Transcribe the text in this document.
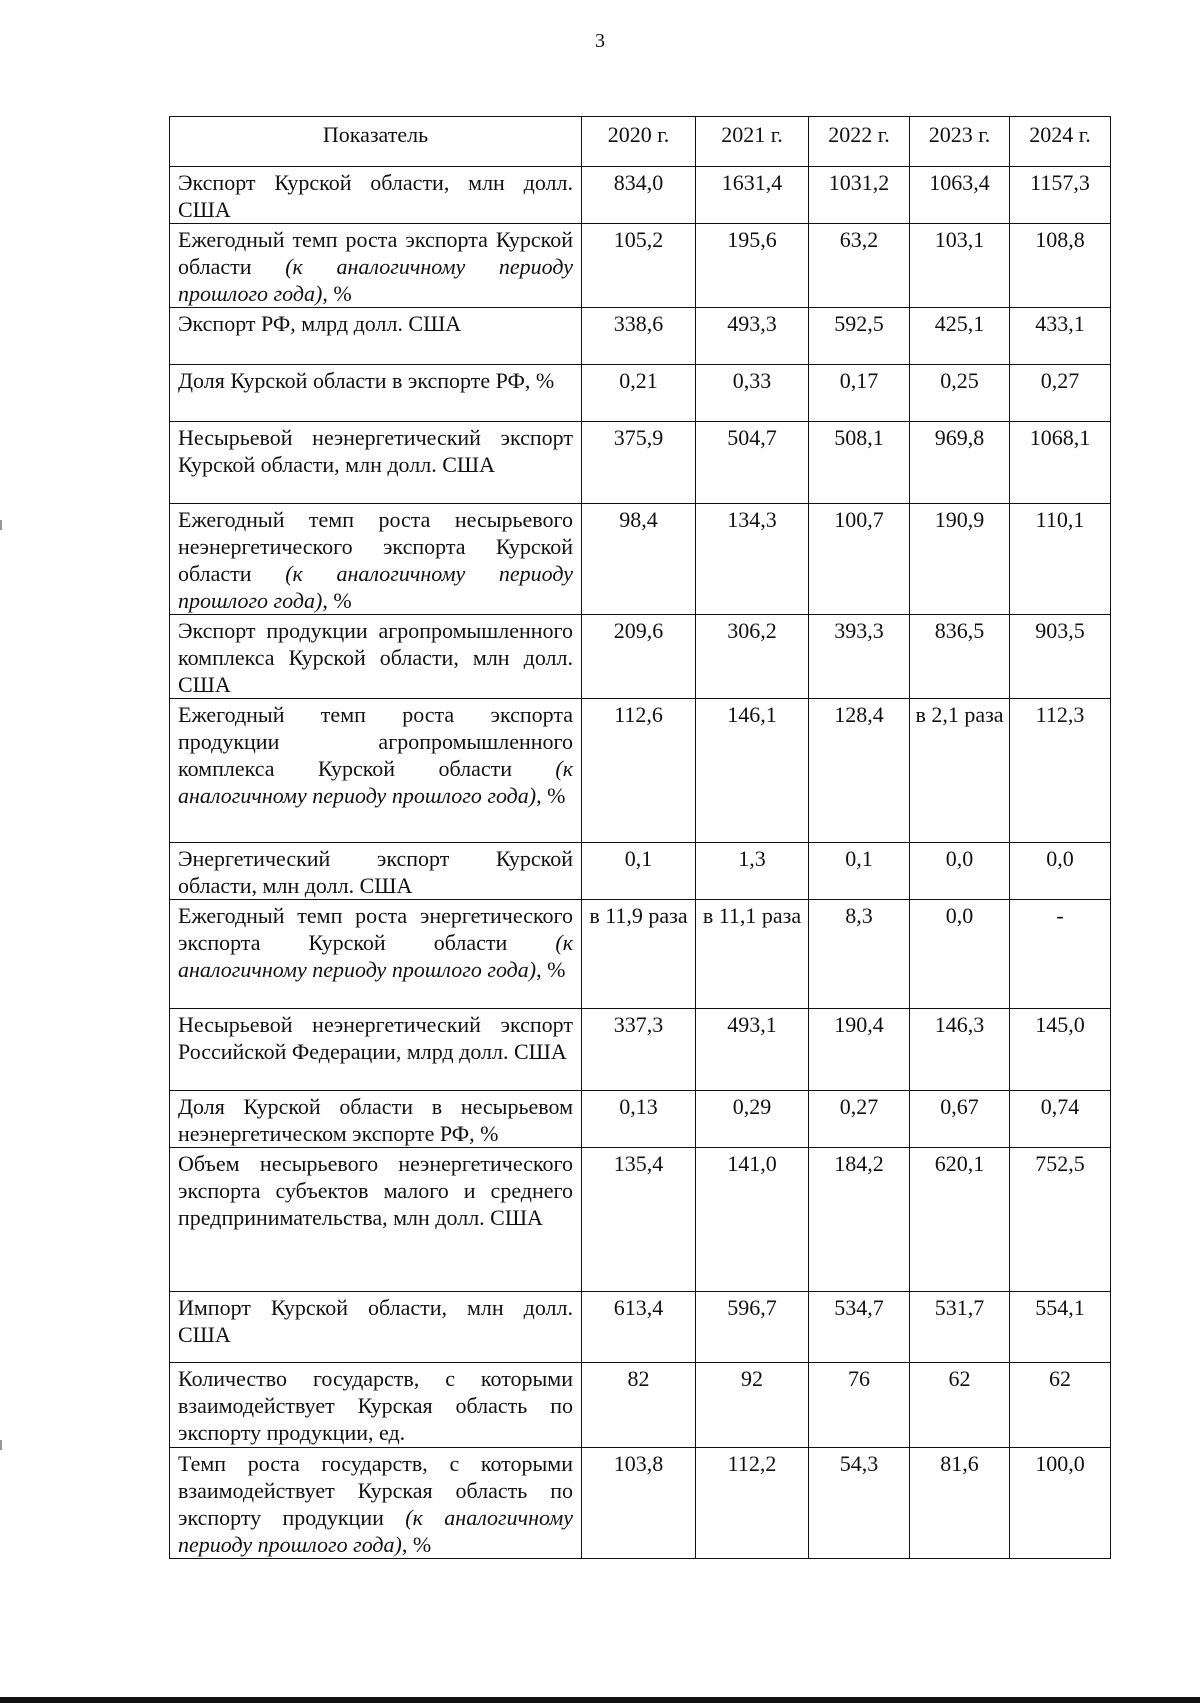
3
Показатель	2020 г.	2021 г.	2022 г.	2023 г.	2024 г.
Экспорт Курской области, млн долл. США	834,0	1631,4	1031,2	1063,4	1157,3
Ежегодный темп роста экспорта Курской области (к аналогичному периоду прошлого года), %	105,2	195,6	63,2	103,1	108,8
Экспорт РФ, млрд долл. США	338,6	493,3	592,5	425,1	433,1
Доля Курской области в экспорте РФ, %	0,21	0,33	0,17	0,25	0,27
Несырьевой неэнергетический экспорт Курской области, млн долл. США	375,9	504,7	508,1	969,8	1068,1
Ежегодный темп роста несырьевого неэнергетического экспорта Курской области (к аналогичному периоду прошлого года), %	98,4	134,3	100,7	190,9	110,1
Экспорт продукции агропромышленного комплекса Курской области, млн долл. США	209,6	306,2	393,3	836,5	903,5
Ежегодный темп роста экспорта продукции агропромышленного комплекса Курской области (к аналогичному периоду прошлого года), %	112,6	146,1	128,4	в 2,1 раза	112,3
Энергетический экспорт Курской области, млн долл. США	0,1	1,3	0,1	0,0	0,0
Ежегодный темп роста энергетического экспорта Курской области (к аналогичному периоду прошлого года), %	в 11,9 раза	в 11,1 раза	8,3	0,0	-
Несырьевой неэнергетический экспорт Российской Федерации, млрд долл. США	337,3	493,1	190,4	146,3	145,0
Доля Курской области в несырьевом неэнергетическом экспорте РФ, %	0,13	0,29	0,27	0,67	0,74
Объем несырьевого неэнергетического экспорта субъектов малого и среднего предпринимательства, млн долл. США	135,4	141,0	184,2	620,1	752,5
Импорт Курской области, млн долл. США	613,4	596,7	534,7	531,7	554,1
Количество государств, с которыми взаимодействует Курская область по экспорту продукции, ед.	82	92	76	62	62
Темп роста государств, с которыми взаимодействует Курская область по экспорту продукции (к аналогичному периоду прошлого года), %	103,8	112,2	54,3	81,6	100,0
